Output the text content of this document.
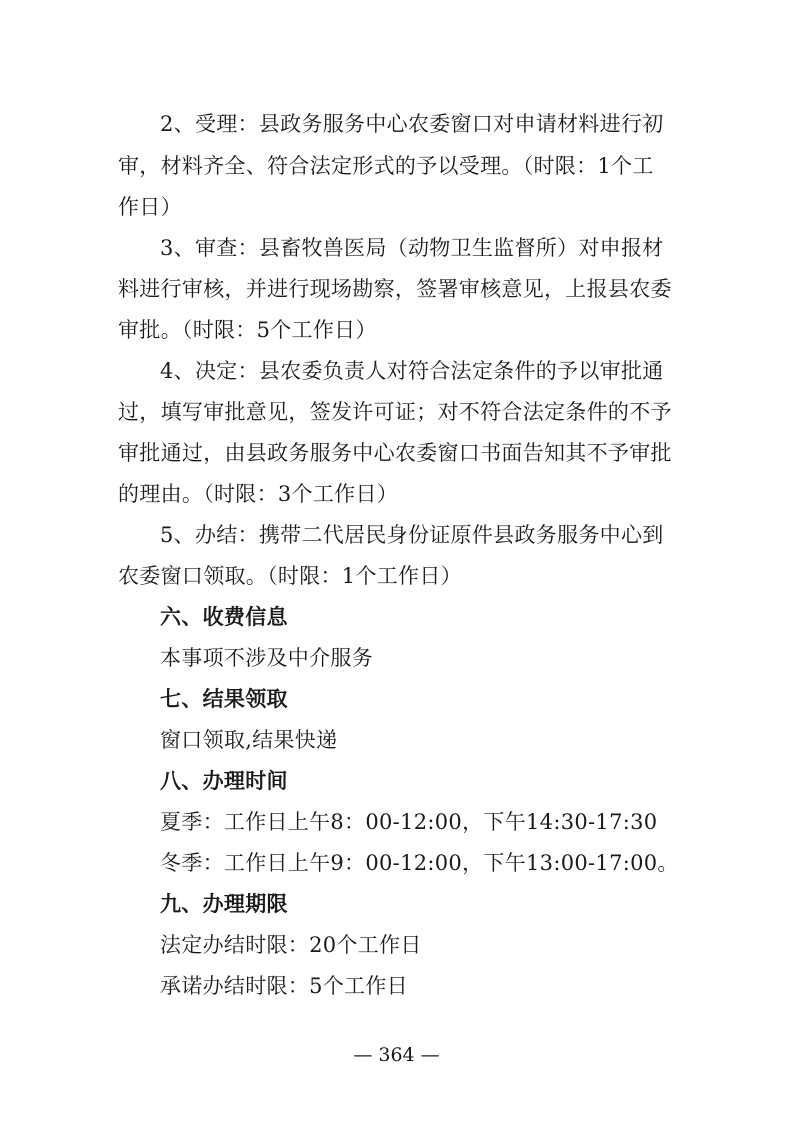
2、受理：县政务服务中心农委窗口对申请材料进行初
审，材料齐全、符合法定形式的予以受理。（时限：1个工
作日）
3、审查：县畜牧兽医局（动物卫生监督所）对申报材
料进行审核，并进行现场勘察，签署审核意见，上报县农委
审批。（时限：5个工作日）
4、决定：县农委负责人对符合法定条件的予以审批通
过，填写审批意见，签发许可证；对不符合法定条件的不予
审批通过，由县政务服务中心农委窗口书面告知其不予审批
的理由。（时限：3个工作日）
5、办结：携带二代居民身份证原件县政务服务中心到
农委窗口领取。（时限：1个工作日）
六、收费信息
本事项不涉及中介服务
七、结果领取
窗口领取,结果快递
八、办理时间
夏季：工作日上午8：00-12:00，下午14:30-17:30
冬季：工作日上午9：00-12:00，下午13:00-17:00。
九、办理期限
法定办结时限：20个工作日
承诺办结时限：5个工作日
— 364 —
